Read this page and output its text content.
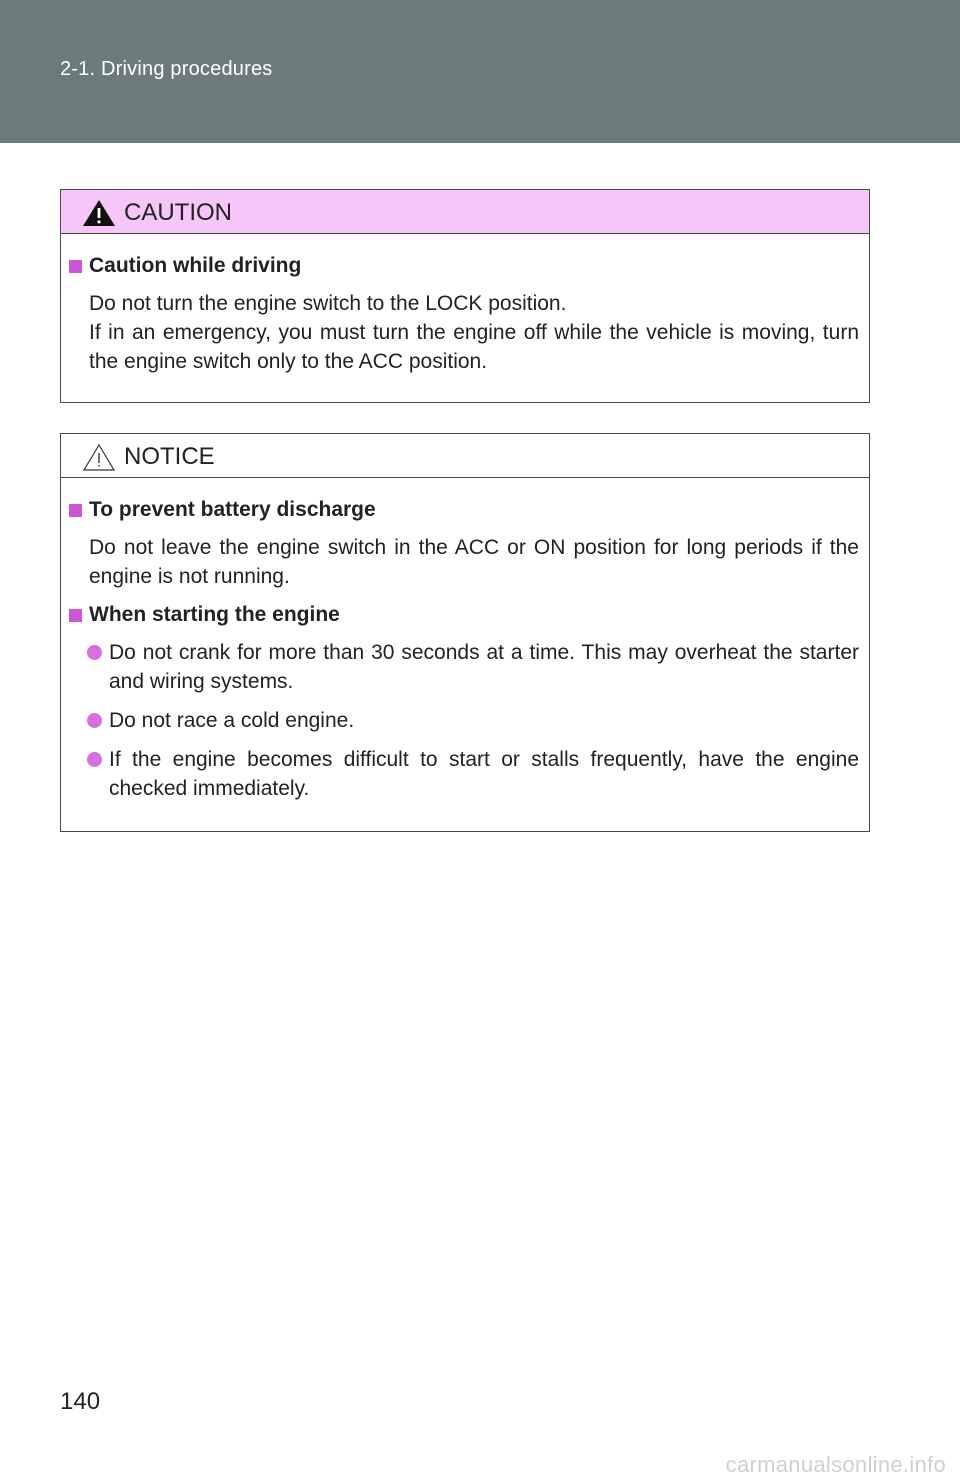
2-1. Driving procedures
CAUTION
Caution while driving
Do not turn the engine switch to the LOCK position.
If in an emergency, you must turn the engine off while the vehicle is moving, turn the engine switch only to the ACC position.
NOTICE
To prevent battery discharge
Do not leave the engine switch in the ACC or ON position for long periods if the engine is not running.
When starting the engine
Do not crank for more than 30 seconds at a time. This may overheat the starter and wiring systems.
Do not race a cold engine.
If the engine becomes difficult to start or stalls frequently, have the engine checked immediately.
140
carmanualsonline.info
